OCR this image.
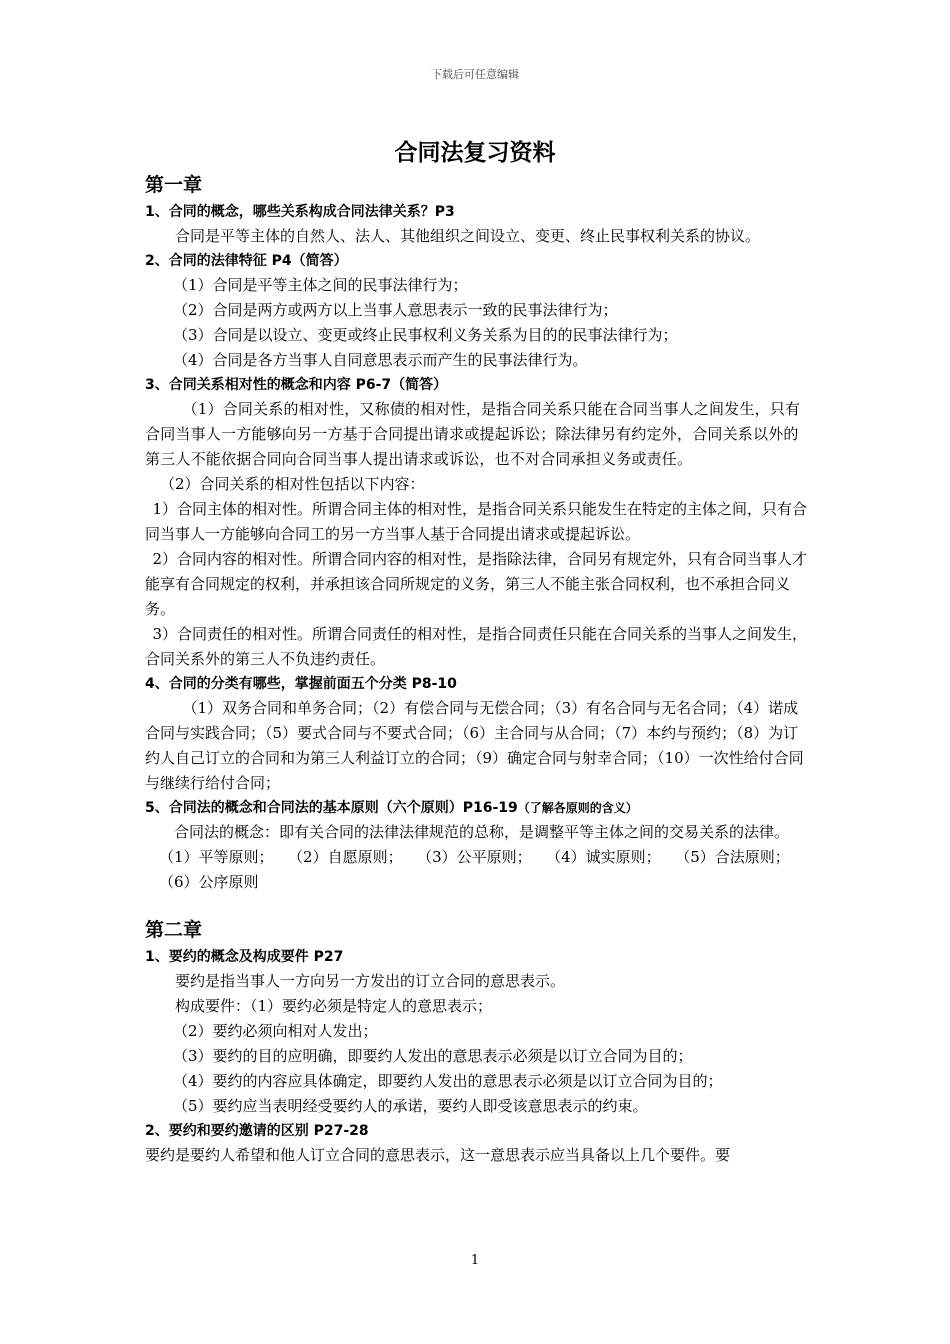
下载后可任意编辑
合同法复习资料
第一章
1、合同的概念，哪些关系构成合同法律关系？P3

合同是平等主体的自然人、法人、其他组织之间设立、变更、终止民事权利关系的协议。

2、合同的法律特征 P4（简答）

（1）合同是平等主体之间的民事法律行为；

（2）合同是两方或两方以上当事人意思表示一致的民事法律行为；

（3）合同是以设立、变更或终止民事权利义务关系为目的的民事法律行为；

（4）合同是各方当事人自同意思表示而产生的民事法律行为。

3、合同关系相对性的概念和内容 P6-7（简答）

（1）合同关系的相对性，又称债的相对性，是指合同关系只能在合同当事人之间发生，只有合同当事人一方能够向另一方基于合同提出请求或提起诉讼；除法律另有约定外，合同关系以外的第三人不能依据合同向合同当事人提出请求或诉讼，也不对合同承担义务或责任。

（2）合同关系的相对性包括以下内容：

1）合同主体的相对性。所谓合同主体的相对性，是指合同关系只能发生在特定的主体之间，只有合同当事人一方能够向合同工的另一方当事人基于合同提出请求或提起诉讼。

2）合同内容的相对性。所谓合同内容的相对性，是指除法律，合同另有规定外，只有合同当事人才能享有合同规定的权利，并承担该合同所规定的义务，第三人不能主张合同权利，也不承担合同义务。

3）合同责任的相对性。所谓合同责任的相对性，是指合同责任只能在合同关系的当事人之间发生，合同关系外的第三人不负违约责任。

4、合同的分类有哪些，掌握前面五个分类 P8-10

（1）双务合同和单务合同；（2）有偿合同与无偿合同；（3）有名合同与无名合同；（4）诺成合同与实践合同；（5）要式合同与不要式合同；（6）主合同与从合同；（7）本约与预约；（8）为订约人自己订立的合同和为第三人利益订立的合同；（9）确定合同与射幸合同；（10）一次性给付合同与继续行给付合同；

5、合同法的概念和合同法的基本原则（六个原则）P16-19（了解各原则的含义）

合同法的概念：即有关合同的法律法律规范的总称，是调整平等主体之间的交易关系的法律。

（1）平等原则； （2）自愿原则； （3）公平原则； （4）诚实原则； （5）合法原则；（6）公序原则

第二章
1、要约的概念及构成要件 P27

要约是指当事人一方向另一方发出的订立合同的意思表示。

构成要件：（1）要约必须是特定人的意思表示；

（2）要约必须向相对人发出；

（3）要约的目的应明确，即要约人发出的意思表示必须是以订立合同为目的；

（4）要约的内容应具体确定，即要约人发出的意思表示必须是以订立合同为目的；

（5）要约应当表明经受要约人的承诺，要约人即受该意思表示的约束。

2、要约和要约邀请的区别 P27-28

要约是要约人希望和他人订立合同的意思表示，这一意思表示应当具备以上几个要件。要

1
